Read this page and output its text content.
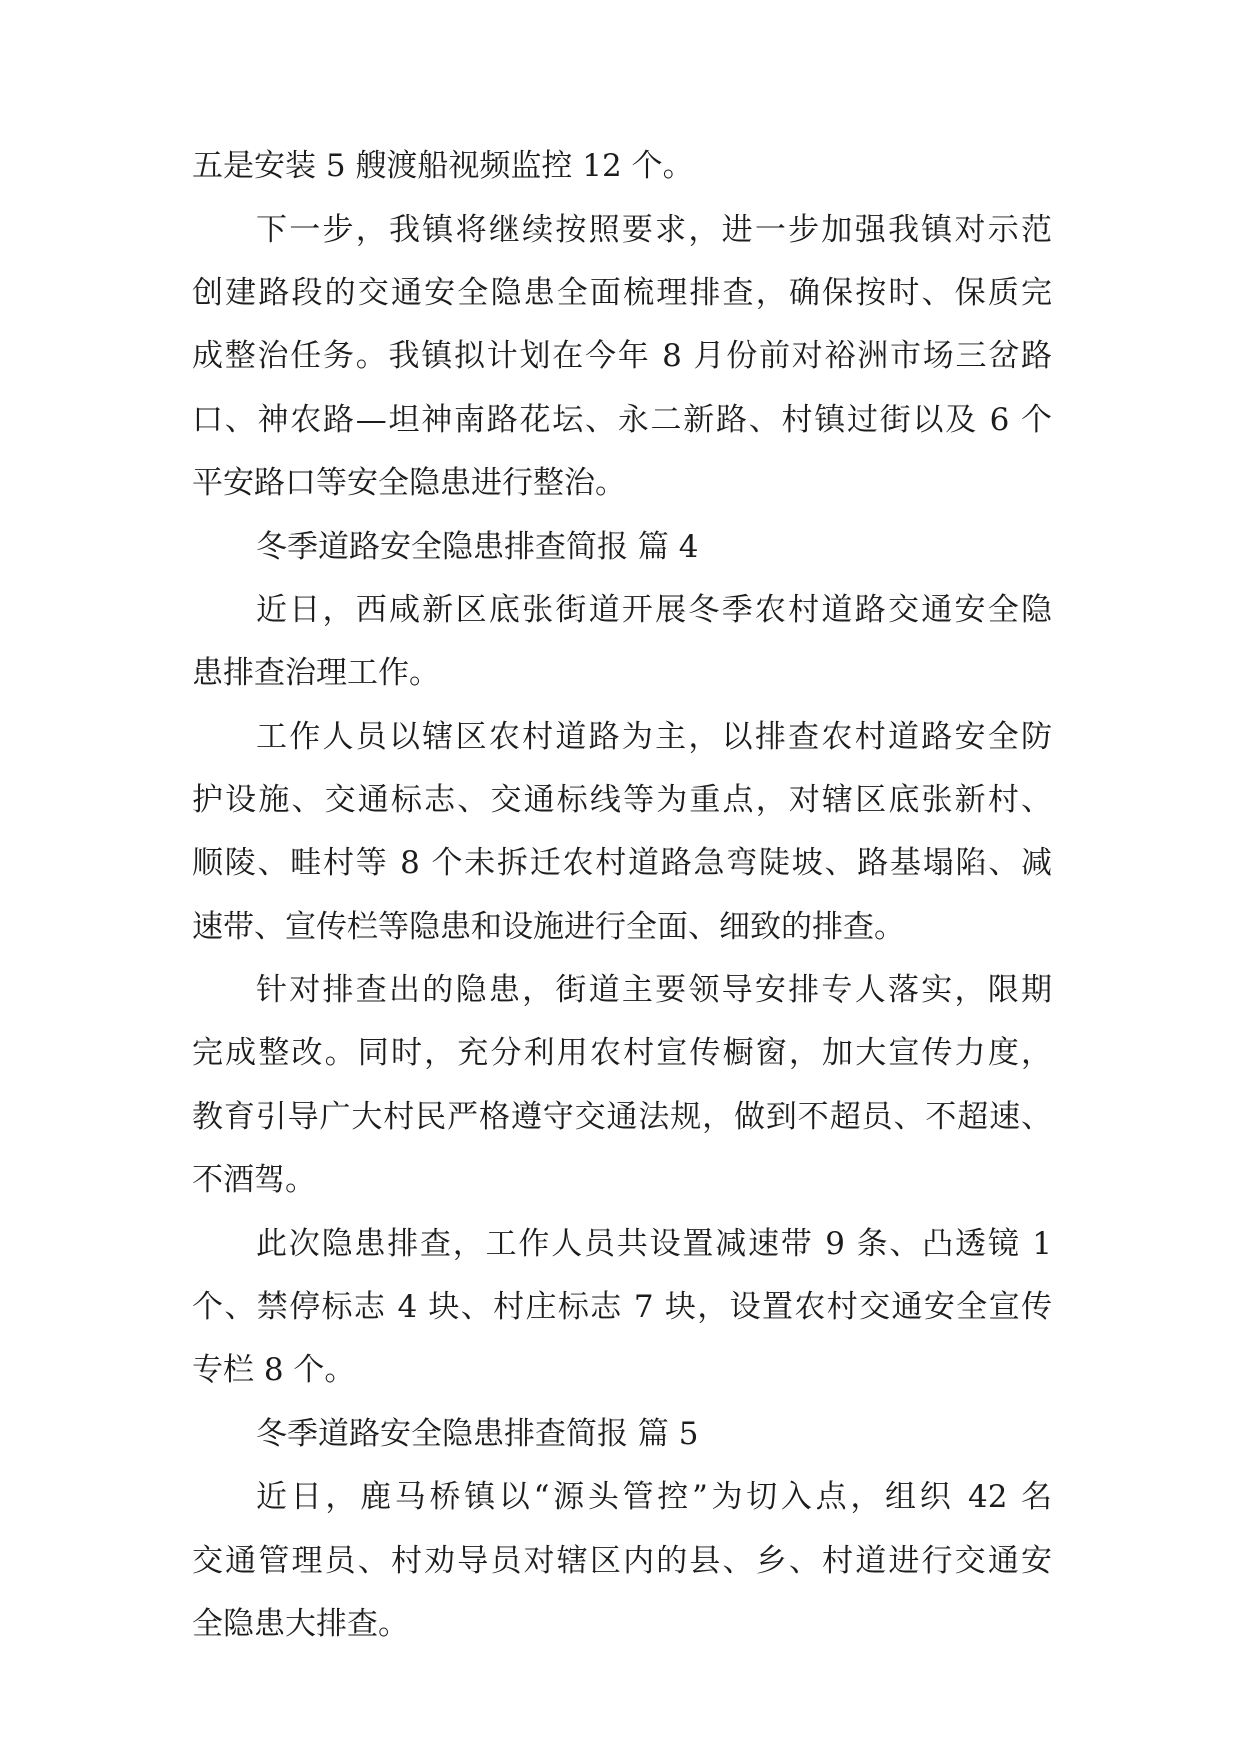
五是安装 5 艘渡船视频监控 12 个。

下一步，我镇将继续按照要求，进一步加强我镇对示范

创建路段的交通安全隐患全面梳理排查，确保按时、保质完

成整治任务。我镇拟计划在今年 8 月份前对裕洲市场三岔路

口、神农路—坦神南路花坛、永二新路、村镇过街以及 6 个

平安路口等安全隐患进行整治。

冬季道路安全隐患排查简报 篇 4

近日，西咸新区底张街道开展冬季农村道路交通安全隐

患排查治理工作。

工作人员以辖区农村道路为主，以排查农村道路安全防

护设施、交通标志、交通标线等为重点，对辖区底张新村、

顺陵、畦村等 8 个未拆迁农村道路急弯陡坡、路基塌陷、减

速带、宣传栏等隐患和设施进行全面、细致的排查。

针对排查出的隐患，街道主要领导安排专人落实，限期

完成整改。同时，充分利用农村宣传橱窗，加大宣传力度，

教育引导广大村民严格遵守交通法规，做到不超员、不超速、

不酒驾。

此次隐患排查，工作人员共设置减速带 9 条、凸透镜 1

个、禁停标志 4 块、村庄标志 7 块，设置农村交通安全宣传

专栏 8 个。

冬季道路安全隐患排查简报 篇 5

近日，鹿马桥镇以“源头管控”为切入点，组织 42 名

交通管理员、村劝导员对辖区内的县、乡、村道进行交通安

全隐患大排查。
